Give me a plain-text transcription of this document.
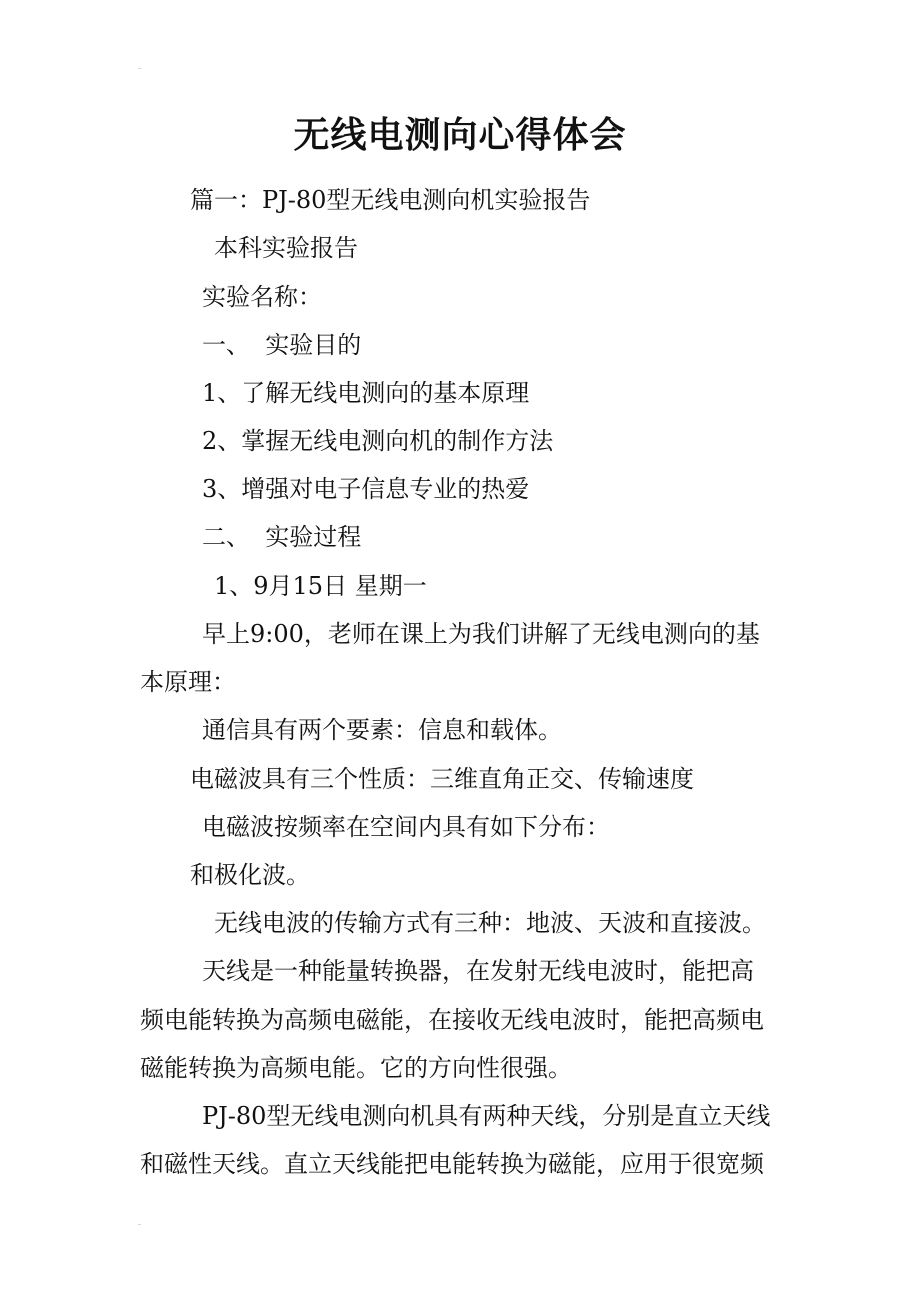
无线电测向心得体会
篇一：PJ-80型无线电测向机实验报告
本科实验报告
实验名称：
一、  实验目的
1、了解无线电测向的基本原理
2、掌握无线电测向机的制作方法
3、增强对电子信息专业的热爱
二、  实验过程
1、9月15日 星期一
早上9:00，老师在课上为我们讲解了无线电测向的基
本原理：
通信具有两个要素：信息和载体。
电磁波具有三个性质：三维直角正交、传输速度
电磁波按频率在空间内具有如下分布：
和极化波。
无线电波的传输方式有三种：地波、天波和直接波。
天线是一种能量转换器，在发射无线电波时，能把高
频电能转换为高频电磁能，在接收无线电波时，能把高频电
磁能转换为高频电能。它的方向性很强。
PJ-80型无线电测向机具有两种天线，分别是直立天线
和磁性天线。直立天线能把电能转换为磁能，应用于很宽频
